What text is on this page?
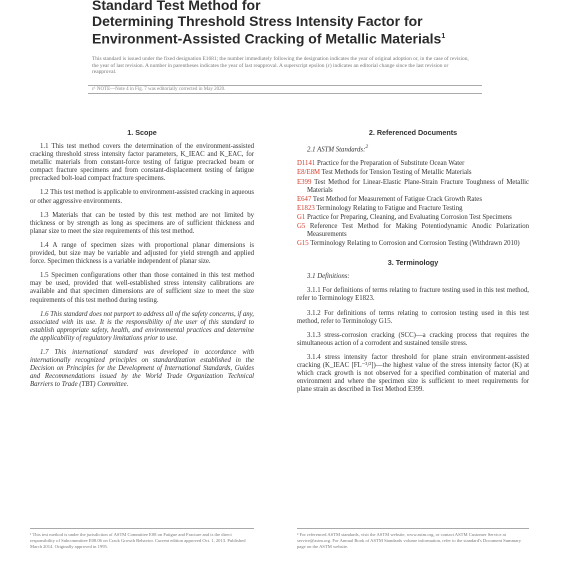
Standard Test Method for
Determining Threshold Stress Intensity Factor for
Environment-Assisted Cracking of Metallic Materials$^1$
This standard is issued under the fixed designation E1681; the number immediately following the designation indicates the year of original adoption or, in the case of revision, the year of last revision. A number in parentheses indicates the year of last reapproval. A superscript epsilon (ε) indicates an editorial change since the last revision or reapproval.
ε¹ NOTE—Note 4 in Fig. 7 was editorially corrected in May 2020.
1. Scope
1.1 This test method covers the determination of the environment-assisted cracking threshold stress intensity factor parameters, K_IEAC and K_EAC, for metallic materials from constant-force testing of fatigue precracked beam or compact fracture specimens and from constant-displacement testing of fatigue precracked bolt-load compact fracture specimens.
1.2 This test method is applicable to environment-assisted cracking in aqueous or other aggressive environments.
1.3 Materials that can be tested by this test method are not limited by thickness or by strength as long as specimens are of sufficient thickness and planar size to meet the size requirements of this test method.
1.4 A range of specimen sizes with proportional planar dimensions is provided, but size may be variable and adjusted for yield strength and applied force. Specimen thickness is a variable independent of planar size.
1.5 Specimen configurations other than those contained in this test method may be used, provided that well-established stress intensity calibrations are available and that specimen dimensions are of sufficient size to meet the size requirements of this test method during testing.
1.6 This standard does not purport to address all of the safety concerns, if any, associated with its use. It is the responsibility of the user of this standard to establish appropriate safety, health, and environmental practices and determine the applicability of regulatory limitations prior to use.
1.7 This international standard was developed in accordance with internationally recognized principles on standardization established in the Decision on Principles for the Development of International Standards, Guides and Recommendations issued by the World Trade Organization Technical Barriers to Trade (TBT) Committee.
2. Referenced Documents
2.1 ASTM Standards:$^2$
D1141 Practice for the Preparation of Substitute Ocean Water
E8/E8M Test Methods for Tension Testing of Metallic Materials
E399 Test Method for Linear-Elastic Plane-Strain Fracture Toughness of Metallic Materials
E647 Test Method for Measurement of Fatigue Crack Growth Rates
E1823 Terminology Relating to Fatigue and Fracture Testing
G1 Practice for Preparing, Cleaning, and Evaluating Corrosion Test Specimens
G5 Reference Test Method for Making Potentiodynamic Anodic Polarization Measurements
G15 Terminology Relating to Corrosion and Corrosion Testing (Withdrawn 2010)
3. Terminology
3.1 Definitions:
3.1.1 For definitions of terms relating to fracture testing used in this test method, refer to Terminology E1823.
3.1.2 For definitions of terms relating to corrosion testing used in this test method, refer to Terminology G15.
3.1.3 stress-corrosion cracking (SCC)—a cracking process that requires the simultaneous action of a corrodent and sustained tensile stress.
3.1.4 stress intensity factor threshold for plane strain environment-assisted cracking (K_IEAC [FL⁻³/²])—the highest value of the stress intensity factor (K) at which crack growth is not observed for a specified combination of material and environment and where the specimen size is sufficient to meet requirements for plane strain as described in Test Method E399.
¹ This test method is under the jurisdiction of ASTM Committee E08 on Fatigue and Fracture and is the direct responsibility of Subcommittee E08.06 on Crack Growth Behavior. Current edition approved Oct. 1, 2013. Published March 2014. Originally approved in 1995.
² For referenced ASTM standards, visit the ASTM website, www.astm.org, or contact ASTM Customer Service at service@astm.org. For Annual Book of ASTM Standards volume information, refer to the standard's Document Summary page on the ASTM website.
